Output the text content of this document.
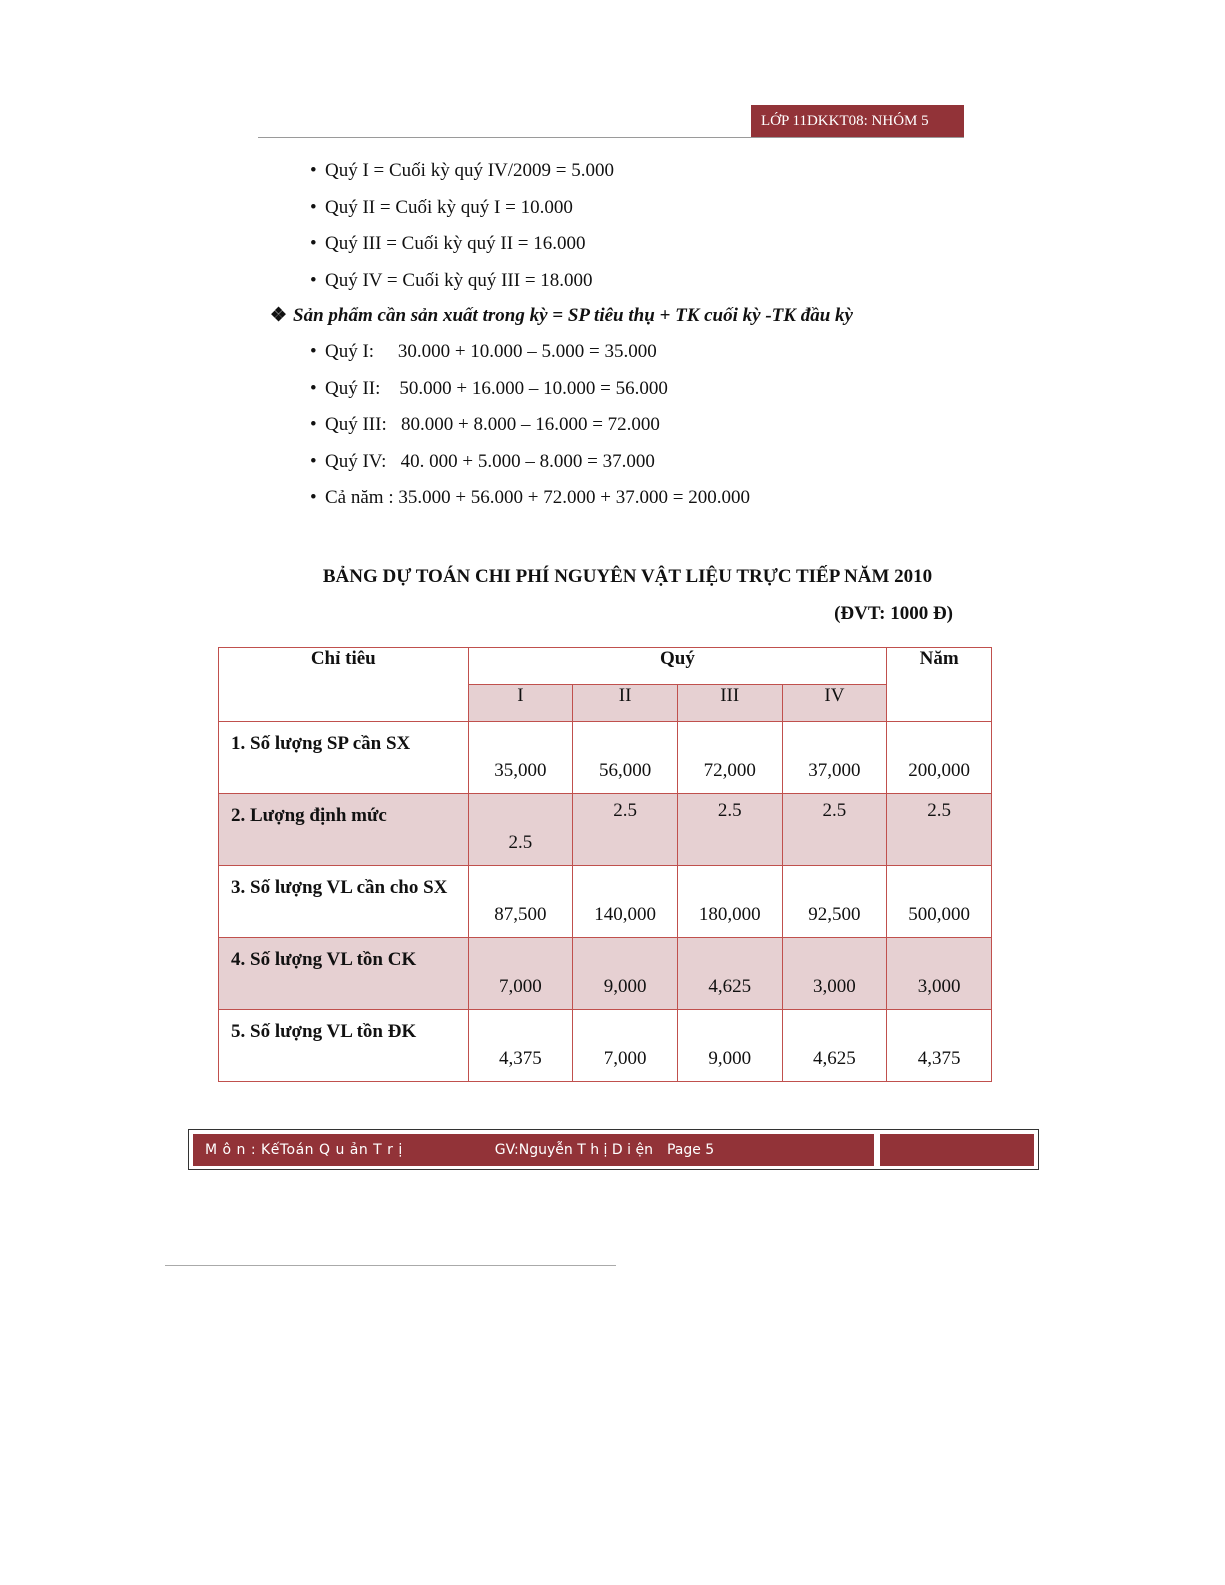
LỚP 11DKKT08: NHÓM 5
• Quý I = Cuối kỳ quý IV/2009 = 5.000
• Quý II = Cuối kỳ quý I = 10.000
• Quý III = Cuối kỳ quý II = 16.000
• Quý IV = Cuối kỳ quý III = 18.000
❖ Sản phẩm cần sản xuất trong kỳ = SP tiêu thụ + TK cuối kỳ -TK đầu kỳ
• Quý I:     30.000 + 10.000 – 5.000 = 35.000
• Quý II:    50.000 + 16.000 – 10.000 = 56.000
• Quý III:   80.000 + 8.000 – 16.000 = 72.000
• Quý IV:   40. 000 + 5.000 – 8.000 = 37.000
• Cả năm : 35.000 + 56.000 + 72.000 + 37.000 = 200.000
BẢNG DỰ TOÁN CHI PHÍ NGUYÊN VẬT LIỆU TRỰC TIẾP NĂM 2010
(ĐVT: 1000 Đ)
Chỉ tiêu	Quý				Năm
	I	II	III	IV	
1. Số lượng SP cần SX	35,000	56,000	72,000	37,000	200,000
2. Lượng định mức	2.5	2.5	2.5	2.5	2.5
3. Số lượng VL cần cho SX	87,500	140,000	180,000	92,500	500,000
4. Số lượng VL tồn CK	7,000	9,000	4,625	3,000	3,000
5. Số lượng VL tồn ĐK	4,375	7,000	9,000	4,625	4,375
M ô n : KếToán Q u ản T r ị	GV:Nguyễn T h ị D i ện Page 5
